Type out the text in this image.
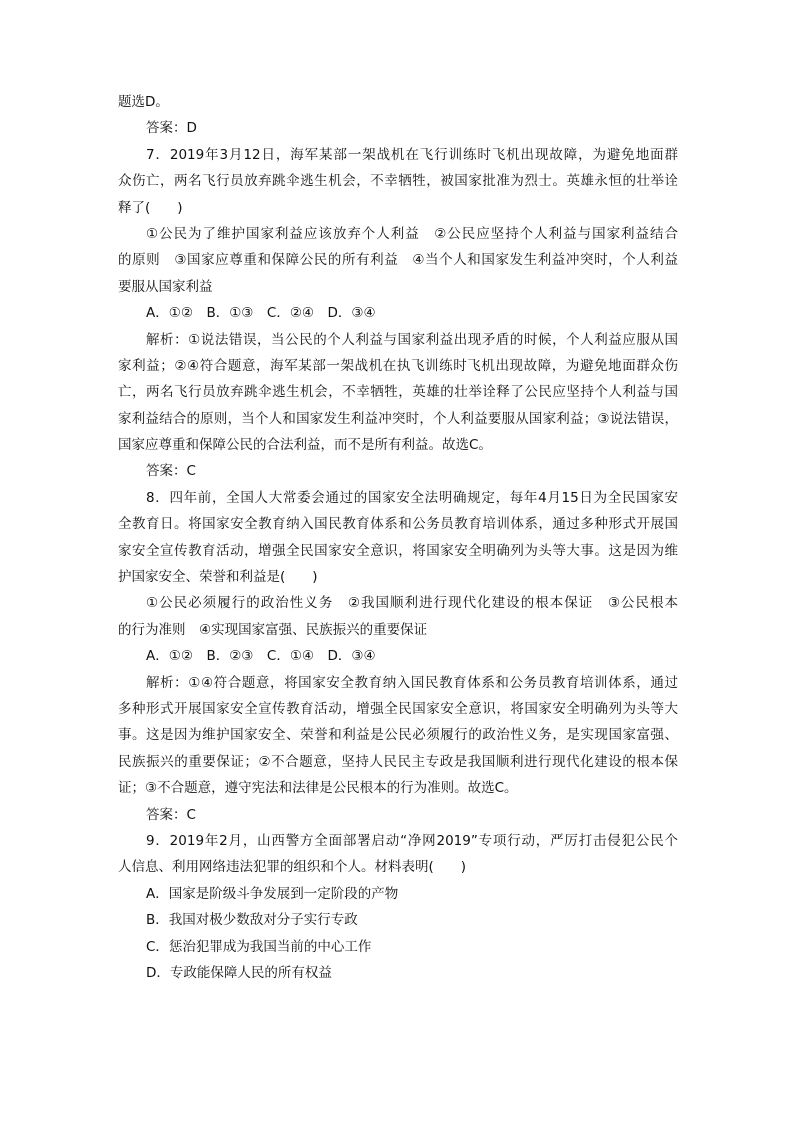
题选D。
答案：D
7．2019年3月12日，海军某部一架战机在飞行训练时飞机出现故障，为避免地面群
众伤亡，两名飞行员放弃跳伞逃生机会，不幸牺牲，被国家批准为烈士。英雄永恒的壮举诠
释了(　　)
①公民为了维护国家利益应该放弃个人利益　②公民应坚持个人利益与国家利益结合
的原则　③国家应尊重和保障公民的所有利益　④当个人和国家发生利益冲突时，个人利益
要服从国家利益
A．①②　B．①③　C．②④　D．③④
解析：①说法错误，当公民的个人利益与国家利益出现矛盾的时候，个人利益应服从国
家利益；②④符合题意，海军某部一架战机在执飞训练时飞机出现故障，为避免地面群众伤
亡，两名飞行员放弃跳伞逃生机会，不幸牺牲，英雄的壮举诠释了公民应坚持个人利益与国
家利益结合的原则，当个人和国家发生利益冲突时，个人利益要服从国家利益；③说法错误，
国家应尊重和保障公民的合法利益，而不是所有利益。故选C。
答案：C
8．四年前，全国人大常委会通过的国家安全法明确规定，每年4月15日为全民国家安
全教育日。将国家安全教育纳入国民教育体系和公务员教育培训体系，通过多种形式开展国
家安全宣传教育活动，增强全民国家安全意识，将国家安全明确列为头等大事。这是因为维
护国家安全、荣誉和利益是(　　)
①公民必须履行的政治性义务　②我国顺利进行现代化建设的根本保证　③公民根本
的行为准则　④实现国家富强、民族振兴的重要保证
A．①②　B．②③　C．①④　D．③④
解析：①④符合题意，将国家安全教育纳入国民教育体系和公务员教育培训体系，通过
多种形式开展国家安全宣传教育活动，增强全民国家安全意识，将国家安全明确列为头等大
事。这是因为维护国家安全、荣誉和利益是公民必须履行的政治性义务，是实现国家富强、
民族振兴的重要保证；②不合题意，坚持人民民主专政是我国顺利进行现代化建设的根本保
证；③不合题意，遵守宪法和法律是公民根本的行为准则。故选C。
答案：C
9．2019年2月，山西警方全面部署启动“净网2019”专项行动，严厉打击侵犯公民个
人信息、利用网络违法犯罪的组织和个人。材料表明(　　)
A．国家是阶级斗争发展到一定阶段的产物
B．我国对极少数敌对分子实行专政
C．惩治犯罪成为我国当前的中心工作
D．专政能保障人民的所有权益
